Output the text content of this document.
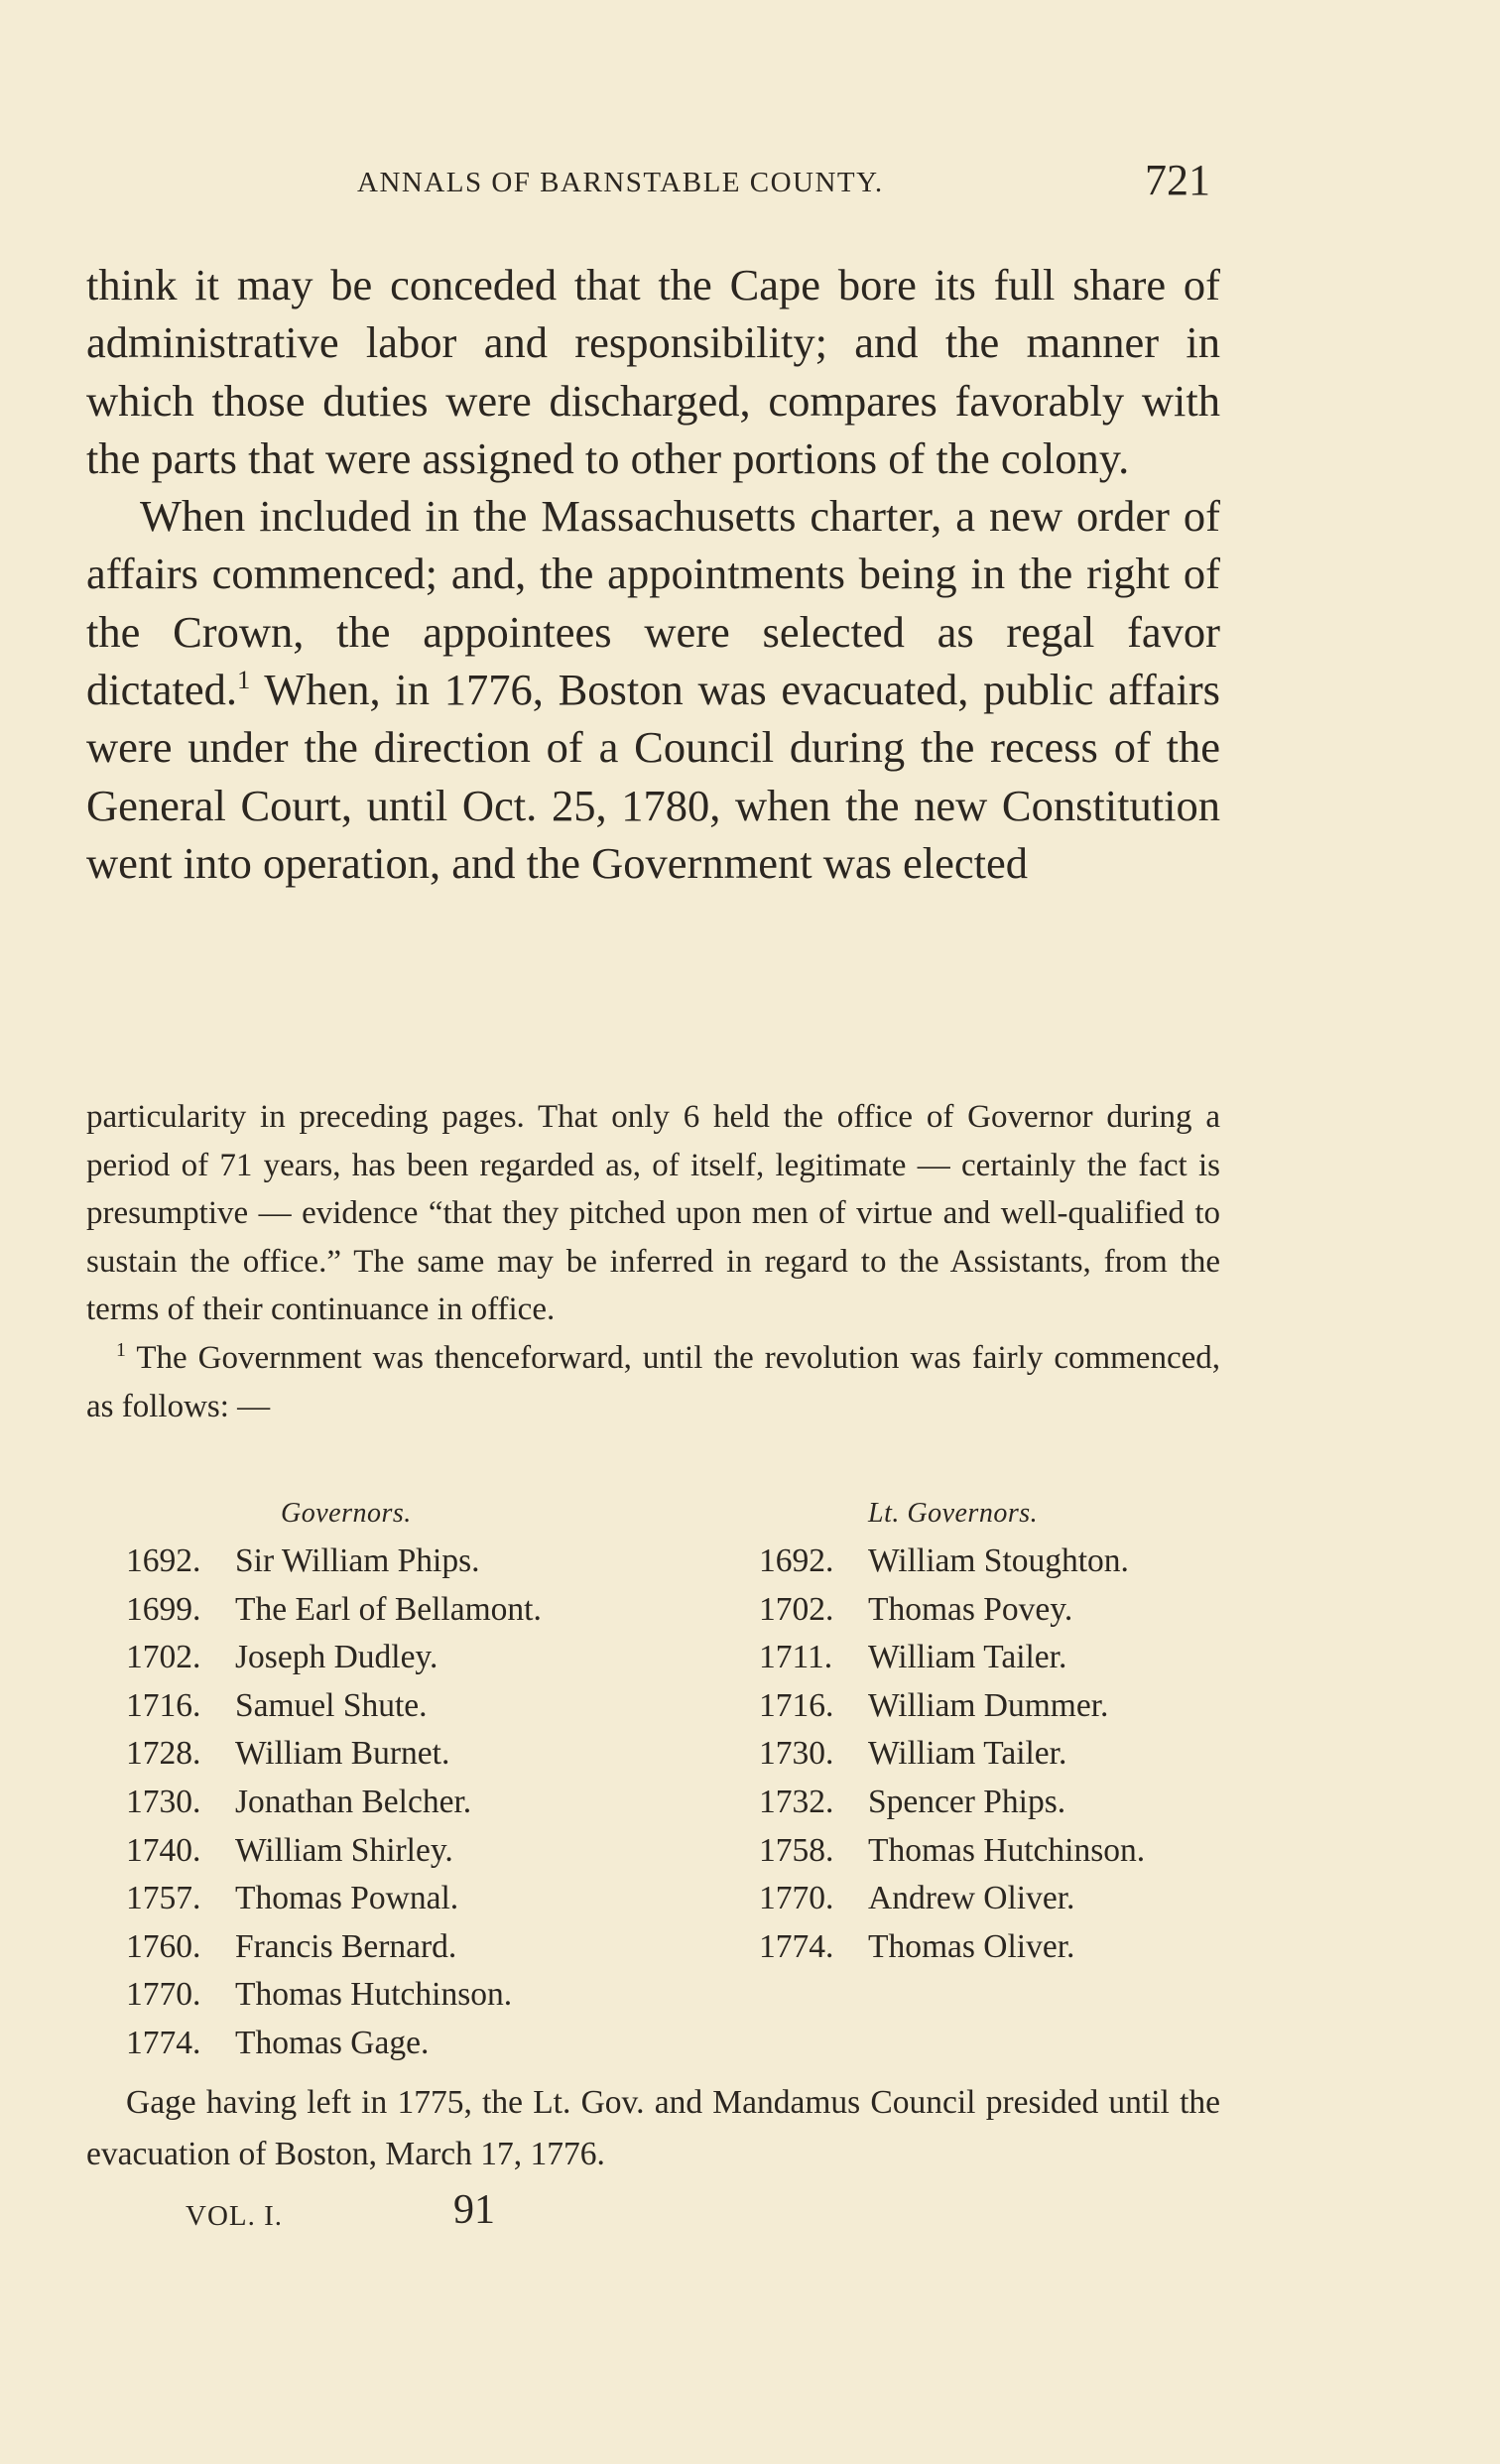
ANNALS OF BARNSTABLE COUNTY.	721

think it may be conceded that the Cape bore its full share of administrative labor and responsibility; and the manner in which those duties were discharged, compares favorably with the parts that were assigned to other portions of the colony.

When included in the Massachusetts charter, a new order of affairs commenced; and, the appointments being in the right of the Crown, the appointees were selected as regal favor dictated.$^1$ When, in 1776, Boston was evacuated, public affairs were under the direction of a Council during the recess of the General Court, until Oct. 25, 1780, when the new Constitution went into operation, and the Government was elected

particularity in preceding pages. That only 6 held the office of Governor during a period of 71 years, has been regarded as, of itself, legitimate — certainly the fact is presumptive — evidence “that they pitched upon men of virtue and well-qualified to sustain the office.” The same may be inferred in regard to the Assistants, from the terms of their continuance in office.

$^1$ The Government was thenceforward, until the revolution was fairly commenced, as follows: —

Governors.
1692. Sir William Phips.
1699. The Earl of Bellamont.
1702. Joseph Dudley.
1716. Samuel Shute.
1728. William Burnet.
1730. Jonathan Belcher.
1740. William Shirley.
1757. Thomas Pownal.
1760. Francis Bernard.
1770. Thomas Hutchinson.
1774. Thomas Gage.
Lt. Governors.
1692. William Stoughton.
1702. Thomas Povey.
1711. William Tailer.
1716. William Dummer.
1730. William Tailer.
1732. Spencer Phips.
1758. Thomas Hutchinson.
1770. Andrew Oliver.
1774. Thomas Oliver.

Gage having left in 1775, the Lt. Gov. and Mandamus Council presided until the evacuation of Boston, March 17, 1776.

VOL. I.	91
